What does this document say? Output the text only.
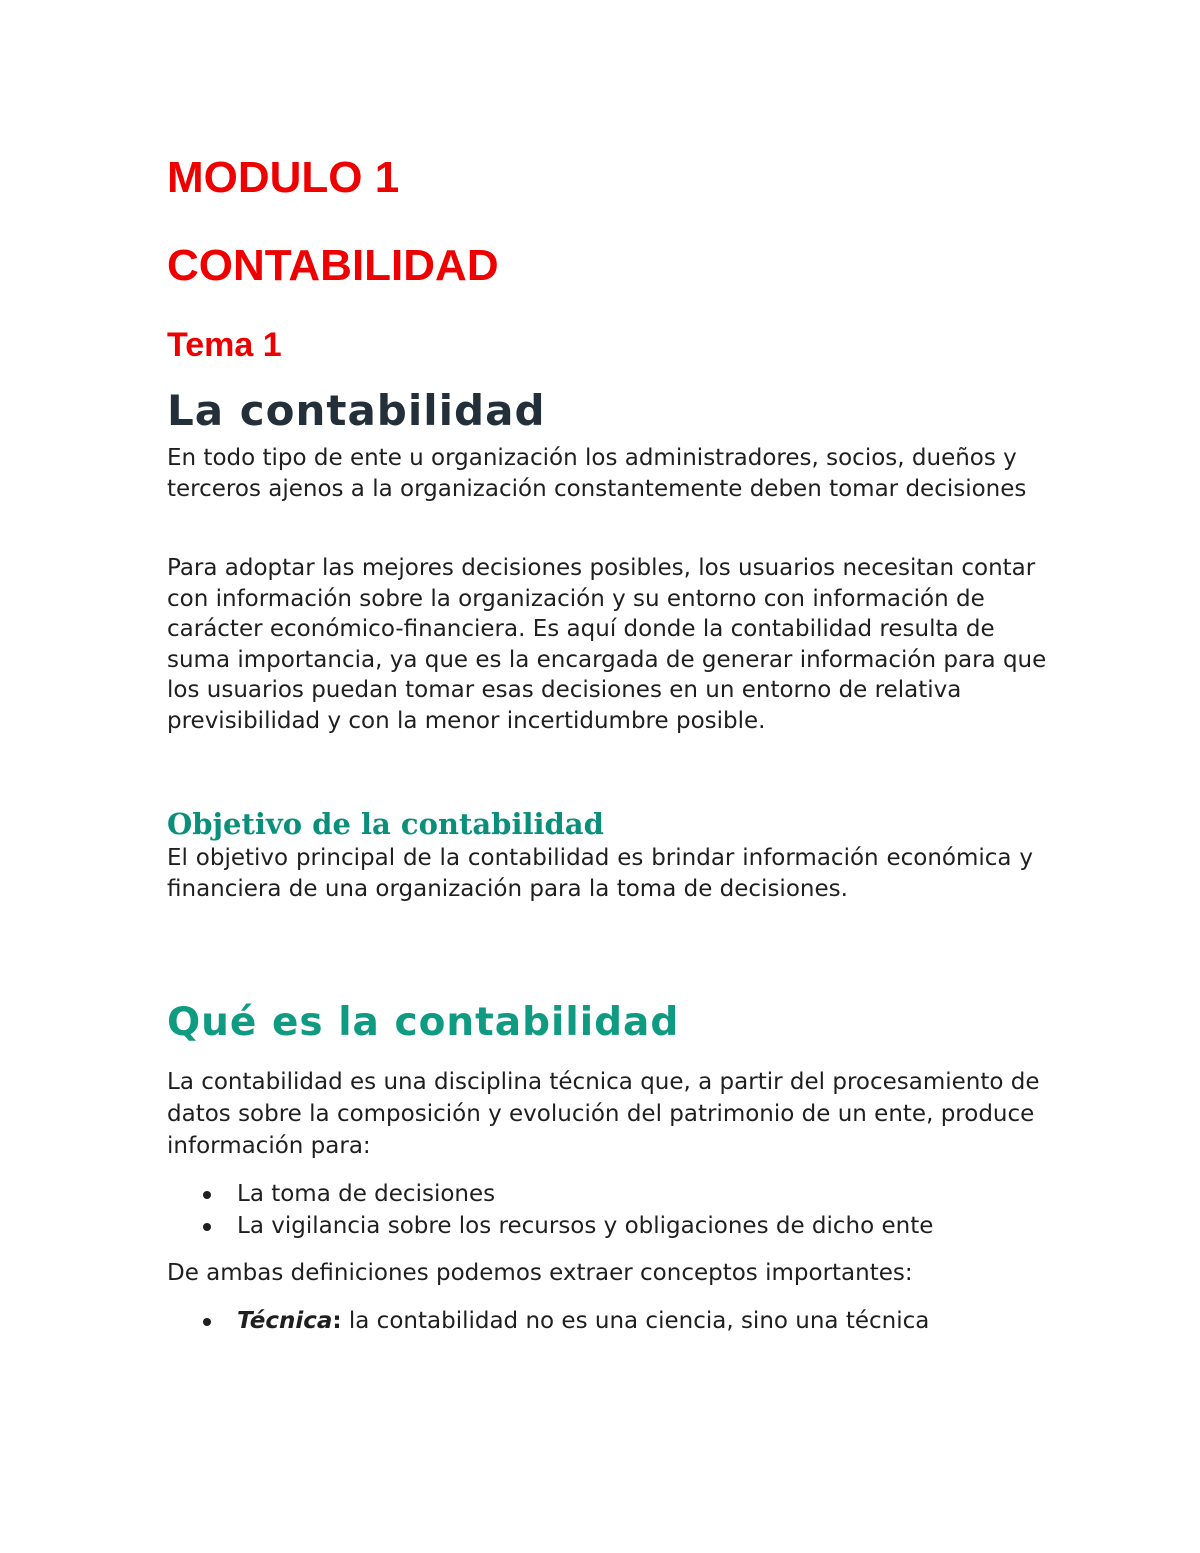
MODULO 1
CONTABILIDAD
Tema 1
La contabilidad

En todo tipo de ente u organización los administradores, socios, dueños y terceros ajenos a la organización constantemente deben tomar decisiones

Para adoptar las mejores decisiones posibles, los usuarios necesitan contar con información sobre la organización y su entorno con información de carácter económico-financiera. Es aquí donde la contabilidad resulta de suma importancia, ya que es la encargada de generar información para que los usuarios puedan tomar esas decisiones en un entorno de relativa previsibilidad y con la menor incertidumbre posible.

Objetivo de la contabilidad

El objetivo principal de la contabilidad es brindar información económica y financiera de una organización para la toma de decisiones.

Qué es la contabilidad

La contabilidad es una disciplina técnica que, a partir del procesamiento de datos sobre la composición y evolución del patrimonio de un ente, produce información para:

La toma de decisiones
La vigilancia sobre los recursos y obligaciones de dicho ente

De ambas definiciones podemos extraer conceptos importantes:

Técnica: la contabilidad no es una ciencia, sino una técnica
